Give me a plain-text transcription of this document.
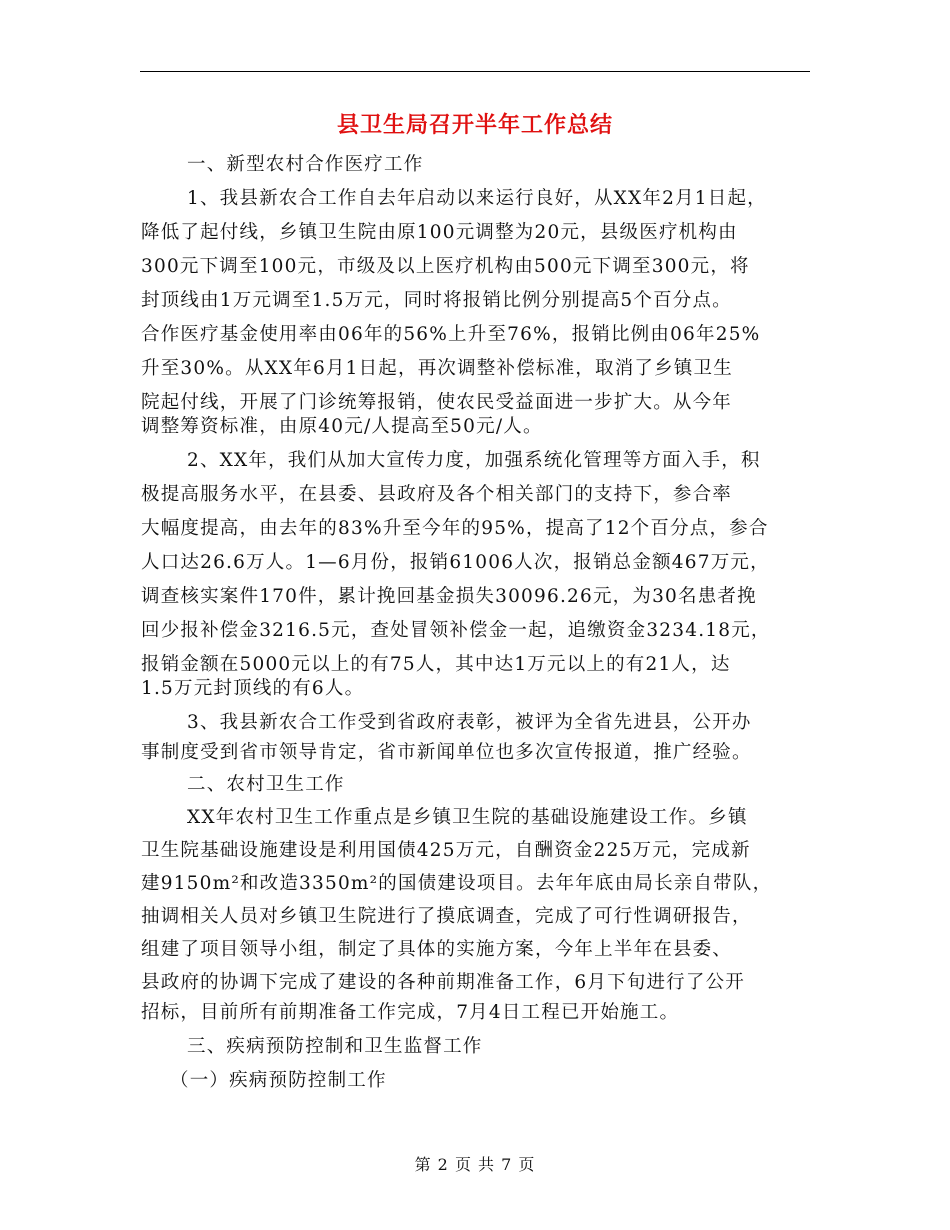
县卫生局召开半年工作总结
一、新型农村合作医疗工作
1、我县新农合工作自去年启动以来运行良好，从XX年2月1日起，
降低了起付线，乡镇卫生院由原100元调整为20元，县级医疗机构由
300元下调至100元，市级及以上医疗机构由500元下调至300元，将
封顶线由1万元调至1.5万元，同时将报销比例分别提高5个百分点。
合作医疗基金使用率由06年的56%上升至76%，报销比例由06年25%
升至30%。从XX年6月1日起，再次调整补偿标准，取消了乡镇卫生
院起付线，开展了门诊统筹报销，使农民受益面进一步扩大。从今年
调整筹资标准，由原40元/人提高至50元/人。
2、XX年，我们从加大宣传力度，加强系统化管理等方面入手，积
极提高服务水平，在县委、县政府及各个相关部门的支持下，参合率
大幅度提高，由去年的83%升至今年的95%，提高了12个百分点，参合
人口达26.6万人。1—6月份，报销61006人次，报销总金额467万元，
调查核实案件170件，累计挽回基金损失30096.26元，为30名患者挽
回少报补偿金3216.5元，查处冒领补偿金一起，追缴资金3234.18元，
报销金额在5000元以上的有75人，其中达1万元以上的有21人，达
1.5万元封顶线的有6人。
3、我县新农合工作受到省政府表彰，被评为全省先进县，公开办
事制度受到省市领导肯定，省市新闻单位也多次宣传报道，推广经验。
二、农村卫生工作
XX年农村卫生工作重点是乡镇卫生院的基础设施建设工作。乡镇
卫生院基础设施建设是利用国债425万元，自酬资金225万元，完成新
建9150m²和改造3350m²的国债建设项目。去年年底由局长亲自带队，
抽调相关人员对乡镇卫生院进行了摸底调查，完成了可行性调研报告，
组建了项目领导小组，制定了具体的实施方案，今年上半年在县委、
县政府的协调下完成了建设的各种前期准备工作，6月下旬进行了公开
招标，目前所有前期准备工作完成，7月4日工程已开始施工。
三、疾病预防控制和卫生监督工作
（一）疾病预防控制工作
第 2 页 共 7 页
